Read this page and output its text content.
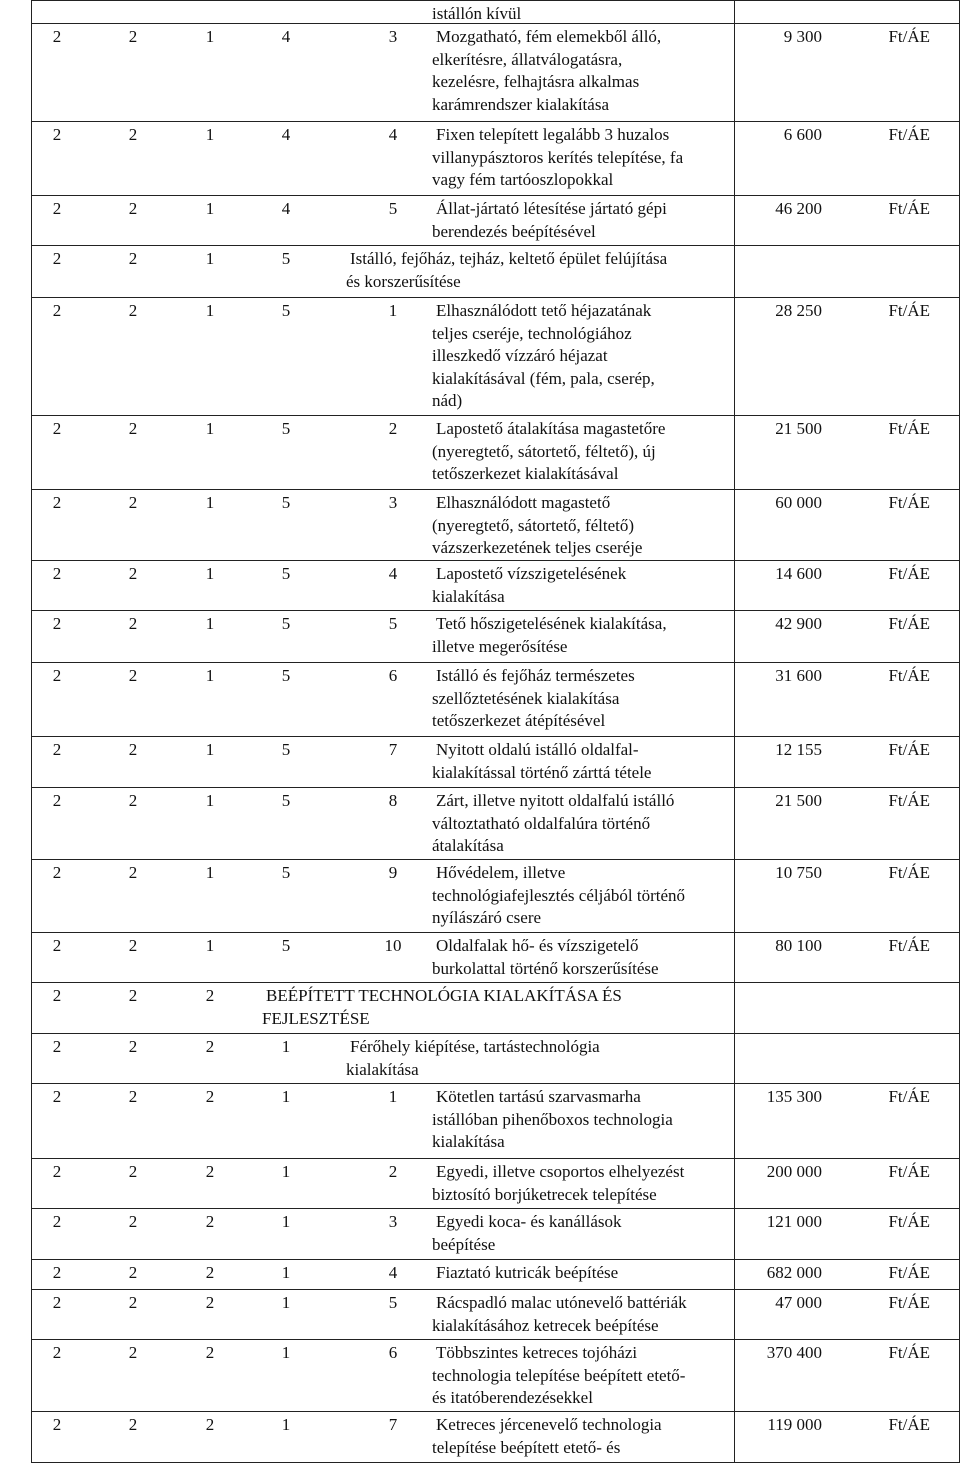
istállón kívül
2	2	1	4	3 Mozgatható, fém elemekből álló,
elkerítésre, állatválogatásra,
kezelésre, felhajtásra alkalmas
karámrendszer kialakítása
9 300	Ft/ÁE
2	2	1	4	4 Fixen telepített legalább 3 huzalos
villanypásztoros kerítés telepítése, fa
vagy fém tartóoszlopokkal
6 600	Ft/ÁE
2	2	1	4	5 Állat-jártató létesítése jártató gépi
berendezés beépítésével
46 200	Ft/ÁE
2	2	1	5	Istálló, fejőház, tejház, keltető épület felújítása
és korszerűsítése
2	2	1	5	1 Elhasználódott tető héjazatának
teljes cseréje, technológiához
illeszkedő vízzáró héjazat
kialakításával (fém, pala, cserép,
nád)
28 250	Ft/ÁE
2	2	1	5	2 Lapostető átalakítása magastetőre
(nyeregtető, sátortető, féltető), új
tetőszerkezet kialakításával
21 500	Ft/ÁE
2	2	1	5	3 Elhasználódott magastető
(nyeregtető, sátortető, féltető)
vázszerkezetének teljes cseréje
60 000	Ft/ÁE
2	2	1	5	4 Lapostető vízszigetelésének
kialakítása
14 600	Ft/ÁE
2	2	1	5	5 Tető hőszigetelésének kialakítása,
illetve megerősítése
42 900	Ft/ÁE
2	2	1	5	6 Istálló és fejőház természetes
szellőztetésének kialakítása
tetőszerkezet átépítésével
31 600	Ft/ÁE
2	2	1	5	7 Nyitott oldalú istálló oldalfal-
kialakítással történő zárttá tétele
12 155	Ft/ÁE
2	2	1	5	8 Zárt, illetve nyitott oldalfalú istálló
változtatható oldalfalúra történő
átalakítása
21 500	Ft/ÁE
2	2	1	5	9 Hővédelem, illetve
technológiafejlesztés céljából történő
nyílászáró csere
10 750	Ft/ÁE
2	2	1	5	10	Oldalfalak hő- és vízszigetelő
burkolattal történő korszerűsítése
80 100	Ft/ÁE
2	2	2	BEÉPÍTETT TECHNOLÓGIA KIALAKÍTÁSA ÉS
FEJLESZTÉSE
2	2	2	1	Férőhely kiépítése, tartástechnológia
kialakítása
2	2	2	1	1 Kötetlen tartású szarvasmarha
istállóban pihenőboxos technologia
kialakítása
135 300	Ft/ÁE
2	2	2	1	2 Egyedi, illetve csoportos elhelyezést
biztosító borjúketrecek telepítése
200 000	Ft/ÁE
2	2	2	1	3 Egyedi koca- és kanállások
beépítése
121 000	Ft/ÁE
2	2	2	1	4 Fiaztató kutricák beépítése	682 000	Ft/ÁE
2	2	2	1	5 Rácspadló malac utónevelő battériák
kialakításához ketrecek beépítése
47 000	Ft/ÁE
2	2	2	1	6 Többszintes ketreces tojóházi
technologia telepítése beépített etető-
és itatóberendezésekkel
370 400	Ft/ÁE
2	2	2	1	7 Ketreces jércenevelő technologia
telepítése beépített etető- és
119 000	Ft/ÁE
